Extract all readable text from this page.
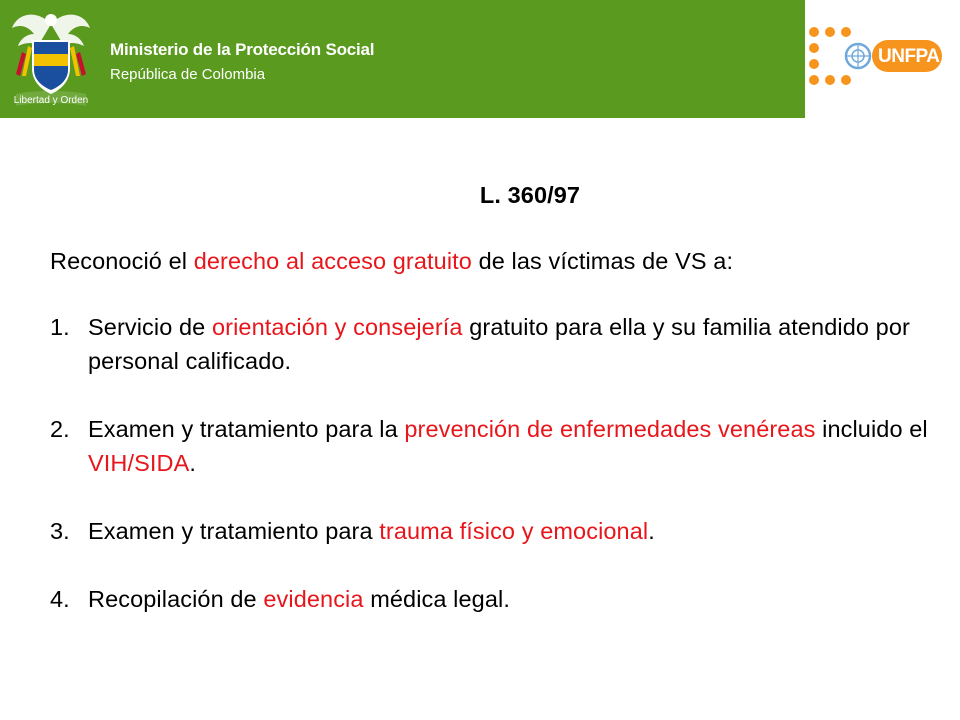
Libertad y Orden
Ministerio de la Protección Social
República de Colombia
UNFPA
L. 360/97
Reconoció el derecho al acceso gratuito de las víctimas de VS a:
1. Servicio de orientación y consejería gratuito para ella y su familia atendido por personal calificado.
2. Examen y tratamiento para la prevención de enfermedades venéreas incluido el VIH/SIDA.
3. Examen y tratamiento para trauma físico y emocional.
4. Recopilación de evidencia médica legal.
